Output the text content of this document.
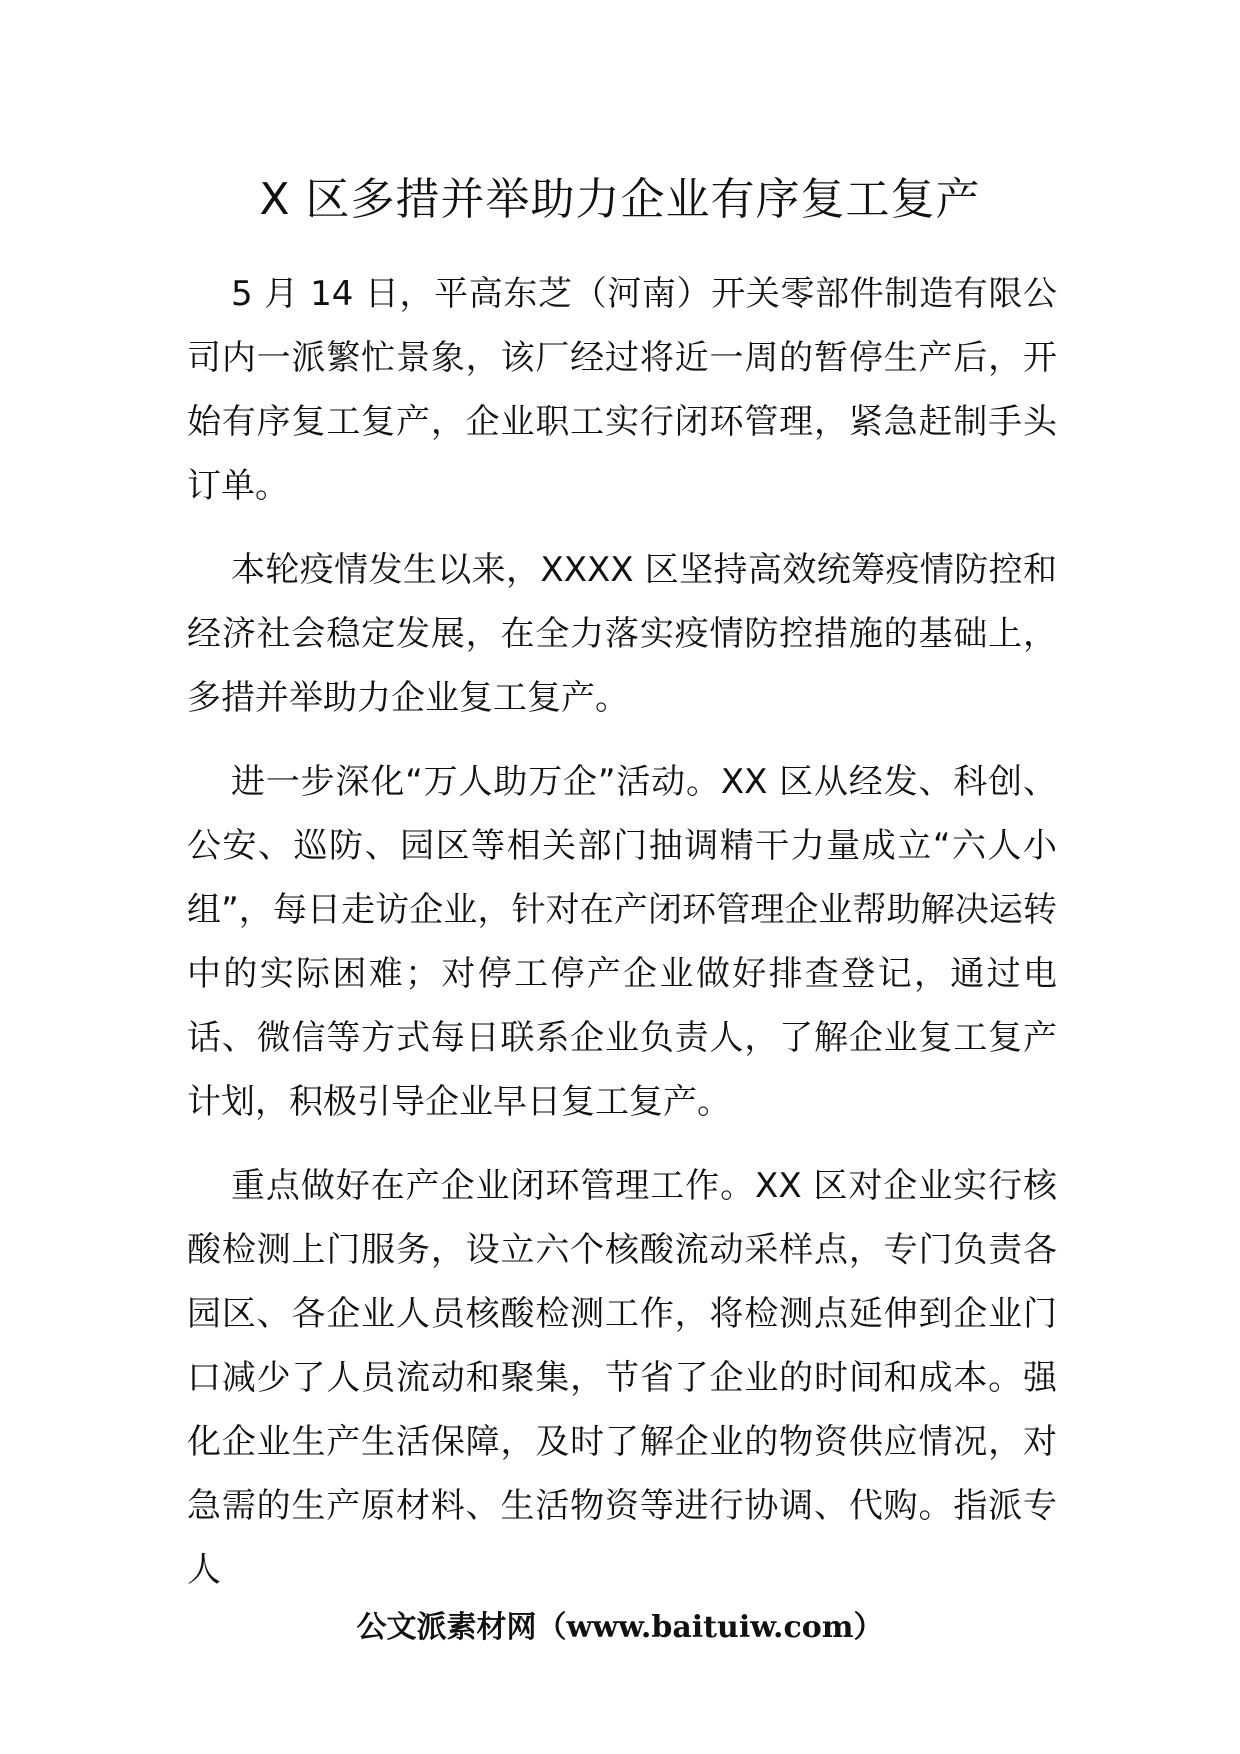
X 区多措并举助力企业有序复工复产

5 月 14 日，平高东芝（河南）开关零部件制造有限公司内一派繁忙景象，该厂经过将近一周的暂停生产后，开始有序复工复产，企业职工实行闭环管理，紧急赶制手头订单。

本轮疫情发生以来，XXXX 区坚持高效统筹疫情防控和经济社会稳定发展，在全力落实疫情防控措施的基础上，多措并举助力企业复工复产。

进一步深化“万人助万企”活动。XX 区从经发、科创、公安、巡防、园区等相关部门抽调精干力量成立“六人小组”，每日走访企业，针对在产闭环管理企业帮助解决运转中的实际困难；对停工停产企业做好排查登记，通过电话、微信等方式每日联系企业负责人，了解企业复工复产计划，积极引导企业早日复工复产。

重点做好在产企业闭环管理工作。XX 区对企业实行核酸检测上门服务，设立六个核酸流动采样点，专门负责各园区、各企业人员核酸检测工作，将检测点延伸到企业门口减少了人员流动和聚集，节省了企业的时间和成本。强化企业生产生活保障，及时了解企业的物资供应情况，对急需的生产原材料、生活物资等进行协调、代购。指派专人

公文派素材网（www.baituiw.com）
